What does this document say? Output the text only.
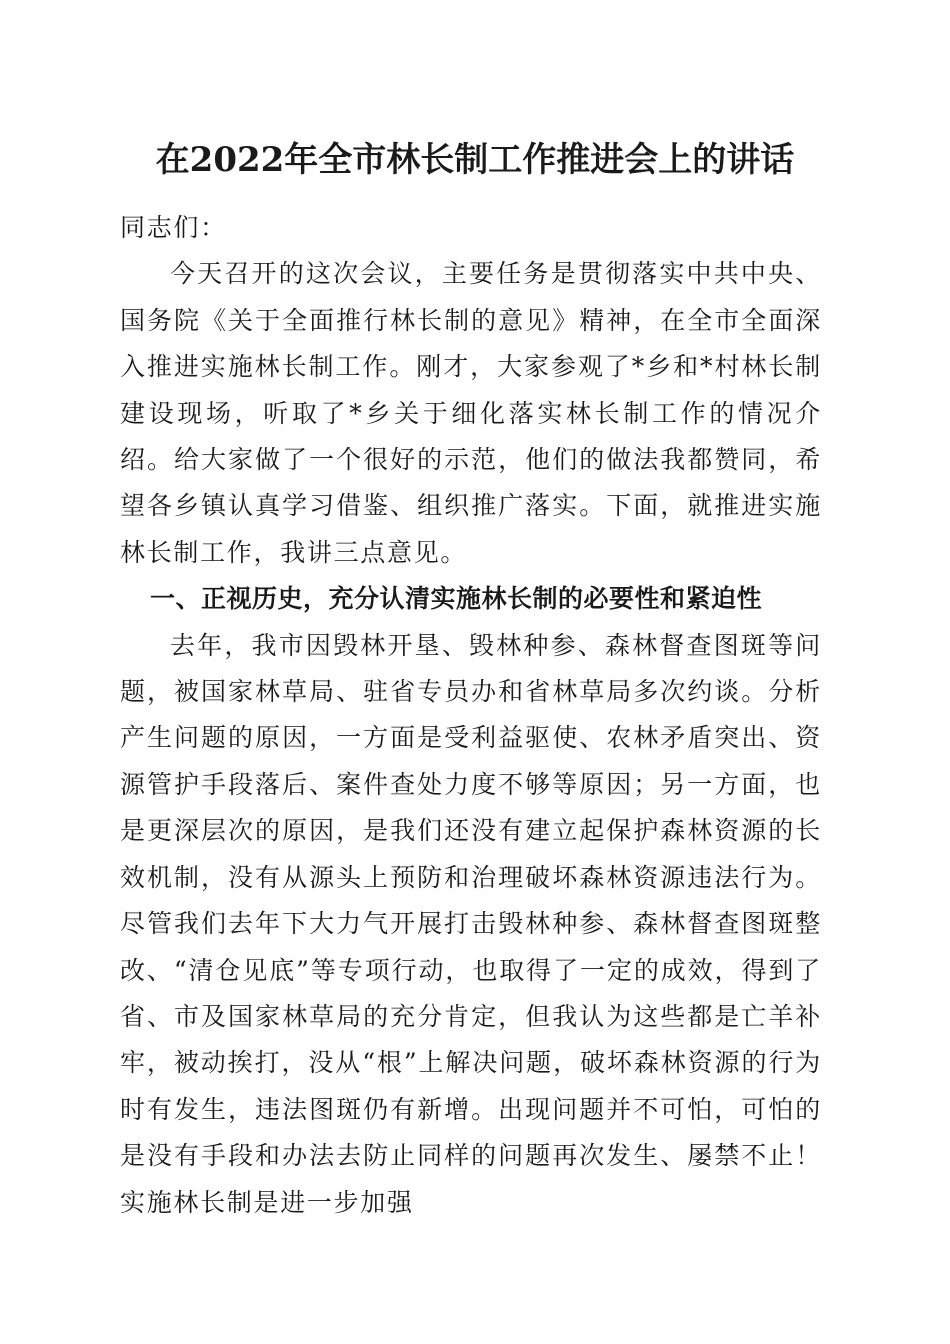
在2022年全市林长制工作推进会上的讲话

同志们：

今天召开的这次会议，主要任务是贯彻落实中共中央、国务院《关于全面推行林长制的意见》精神，在全市全面深入推进实施林长制工作。刚才，大家参观了*乡和*村林长制建设现场，听取了*乡关于细化落实林长制工作的情况介绍。给大家做了一个很好的示范，他们的做法我都赞同，希望各乡镇认真学习借鉴、组织推广落实。下面，就推进实施林长制工作，我讲三点意见。

一、正视历史，充分认清实施林长制的必要性和紧迫性

去年，我市因毁林开垦、毁林种参、森林督查图斑等问题，被国家林草局、驻省专员办和省林草局多次约谈。分析产生问题的原因，一方面是受利益驱使、农林矛盾突出、资源管护手段落后、案件查处力度不够等原因；另一方面，也是更深层次的原因，是我们还没有建立起保护森林资源的长效机制，没有从源头上预防和治理破坏森林资源违法行为。尽管我们去年下大力气开展打击毁林种参、森林督查图斑整改、“清仓见底”等专项行动，也取得了一定的成效，得到了省、市及国家林草局的充分肯定，但我认为这些都是亡羊补牢，被动挨打，没从“根”上解决问题，破坏森林资源的行为时有发生，违法图斑仍有新增。出现问题并不可怕，可怕的是没有手段和办法去防止同样的问题再次发生、屡禁不止！实施林长制是进一步加强
